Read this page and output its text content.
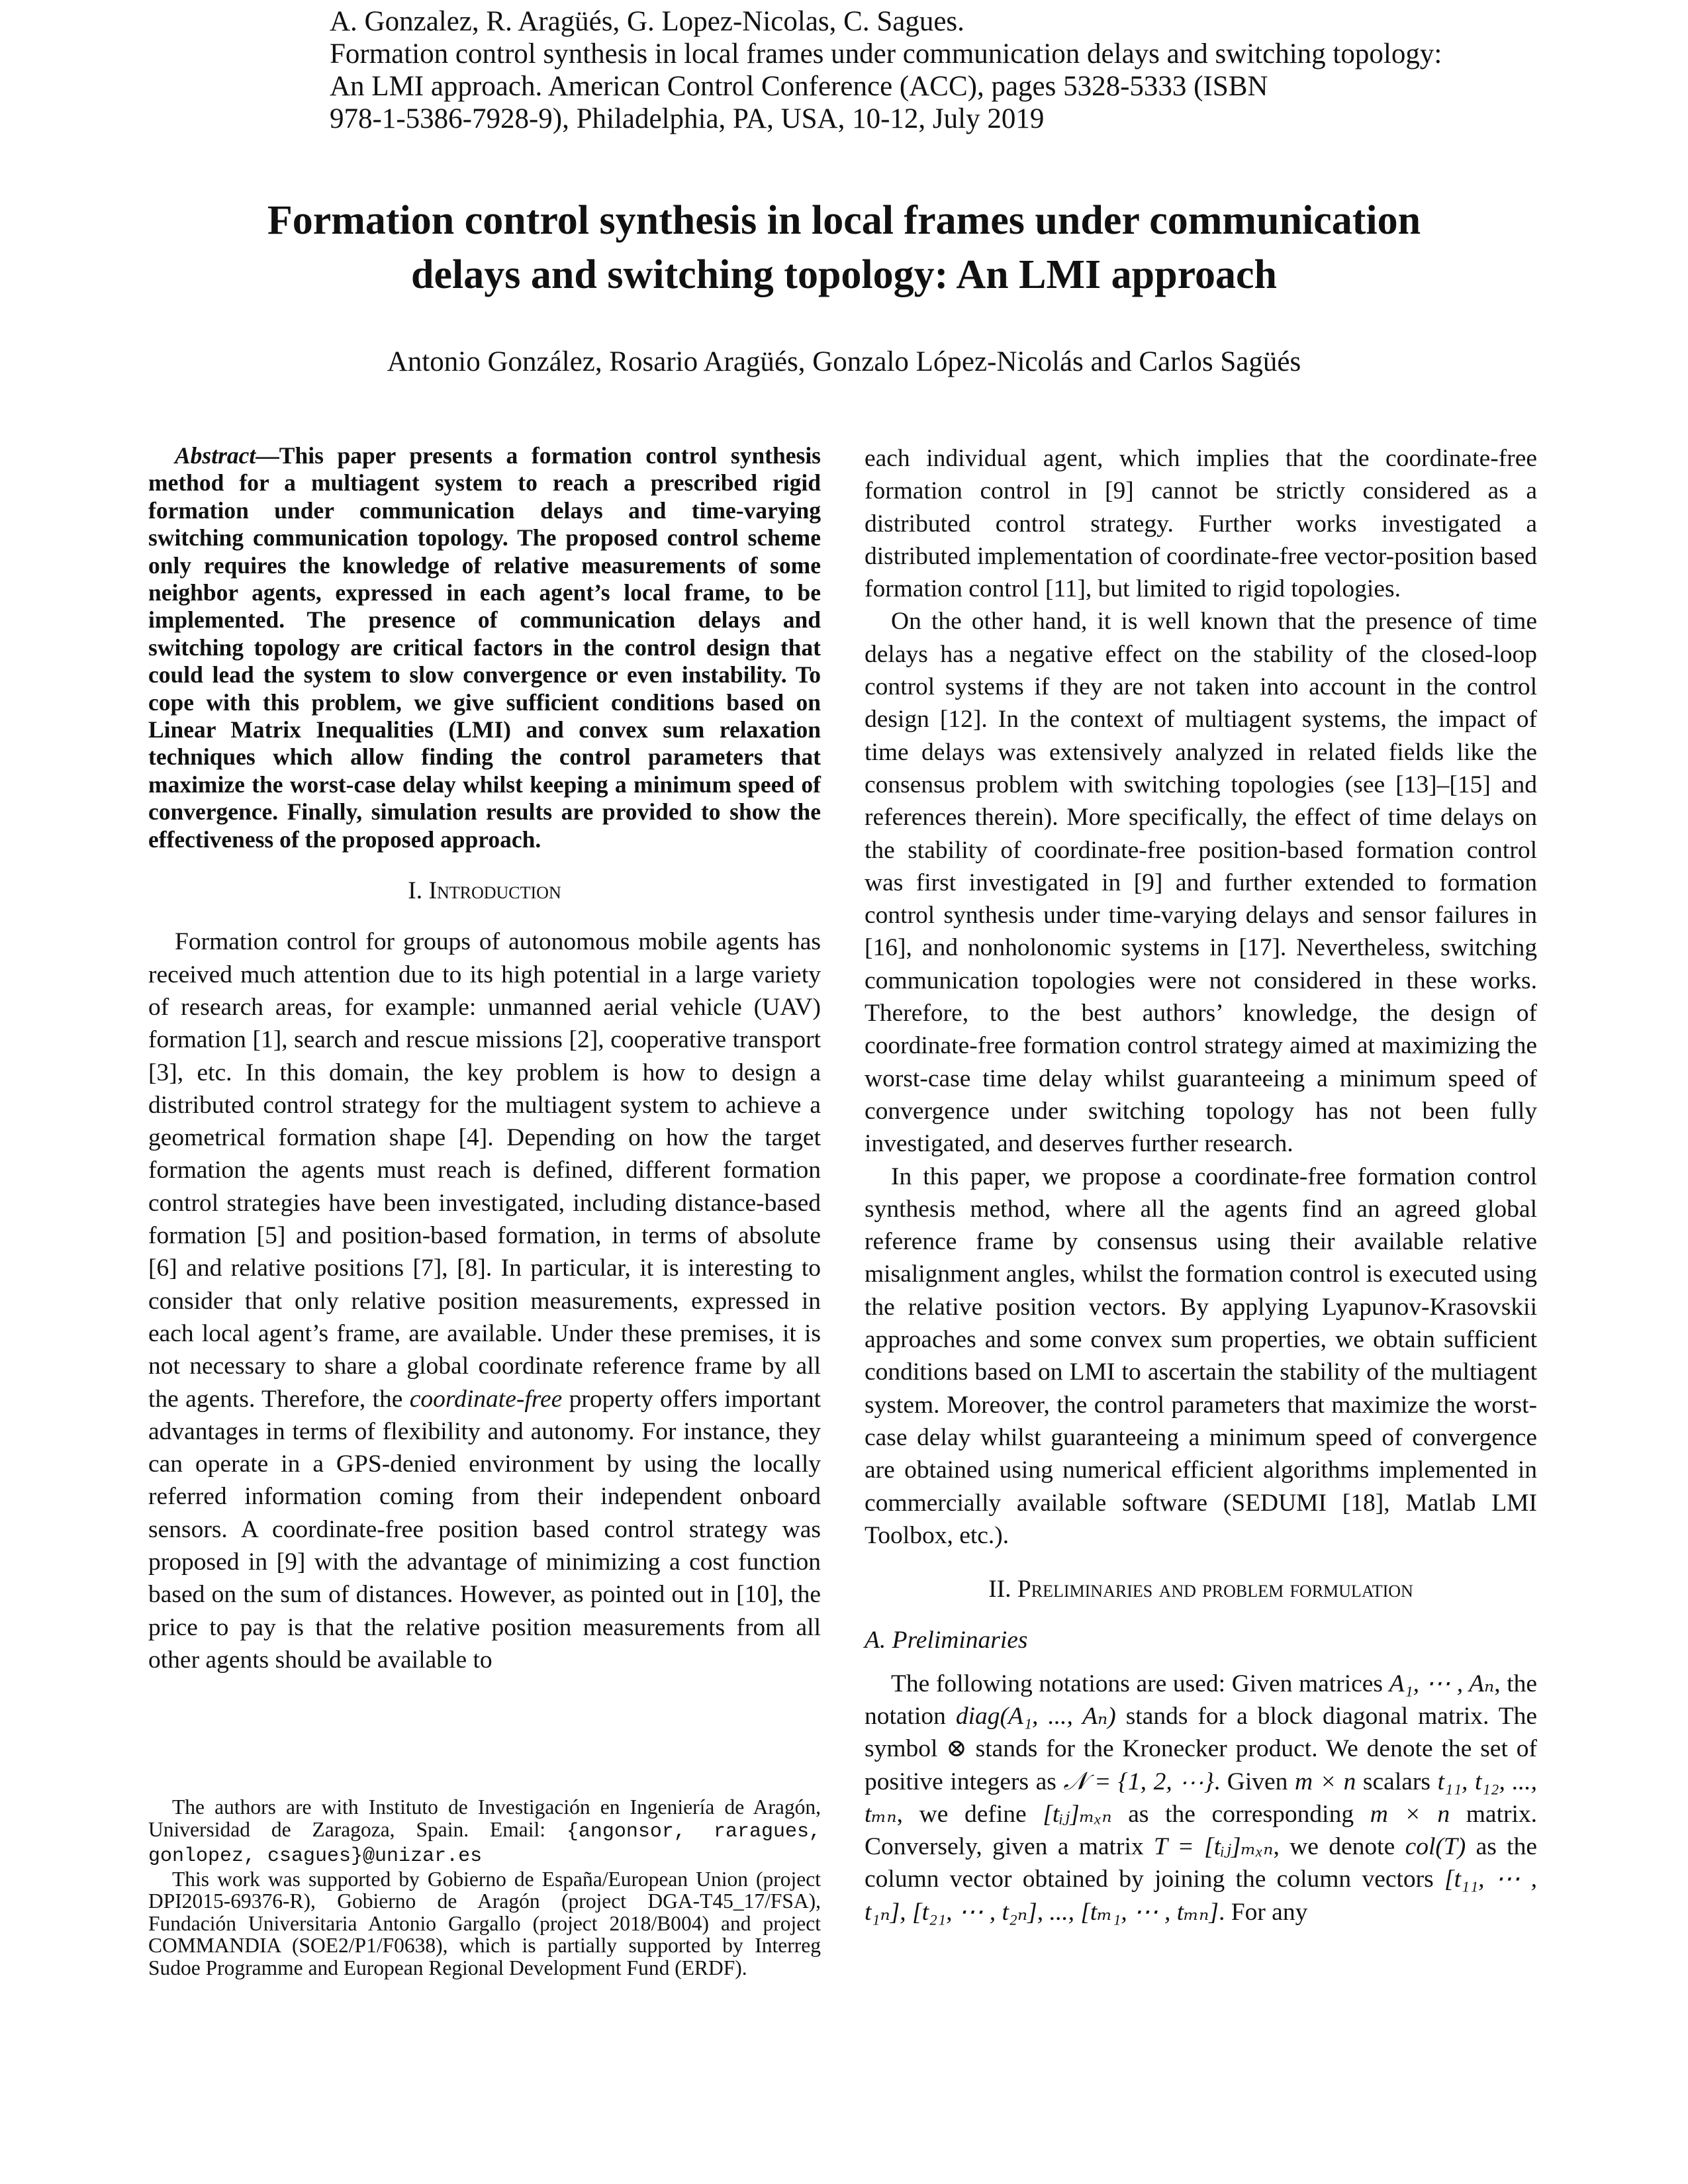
A. Gonzalez, R. Aragüés, G. Lopez-Nicolas, C. Sagues.
Formation control synthesis in local frames under communication delays and switching topology:
An LMI approach. American Control Conference (ACC), pages 5328-5333 (ISBN
978-1-5386-7928-9), Philadelphia, PA, USA, 10-12, July 2019
Formation control synthesis in local frames under communication
delays and switching topology: An LMI approach
Antonio González, Rosario Aragüés, Gonzalo López-Nicolás and Carlos Sagüés

Abstract—This paper presents a formation control synthesis method for a multiagent system to reach a prescribed rigid formation under communication delays and time-varying switching communication topology. The proposed control scheme only requires the knowledge of relative measurements of some neighbor agents, expressed in each agent’s local frame, to be implemented. The presence of communication delays and switching topology are critical factors in the control design that could lead the system to slow convergence or even instability. To cope with this problem, we give sufficient conditions based on Linear Matrix Inequalities (LMI) and convex sum relaxation techniques which allow finding the control parameters that maximize the worst-case delay whilst keeping a minimum speed of convergence. Finally, simulation results are provided to show the effectiveness of the proposed approach.

I. Introduction

Formation control for groups of autonomous mobile agents has received much attention due to its high potential in a large variety of research areas, for example: unmanned aerial vehicle (UAV) formation [1], search and rescue missions [2], cooperative transport [3], etc. In this domain, the key problem is how to design a distributed control strategy for the multiagent system to achieve a geometrical formation shape [4]. Depending on how the target formation the agents must reach is defined, different formation control strategies have been investigated, including distance-based formation [5] and position-based formation, in terms of absolute [6] and relative positions [7], [8]. In particular, it is interesting to consider that only relative position measurements, expressed in each local agent’s frame, are available. Under these premises, it is not necessary to share a global coordinate reference frame by all the agents. Therefore, the coordinate-free property offers important advantages in terms of flexibility and autonomy. For instance, they can operate in a GPS-denied environment by using the locally referred information coming from their independent onboard sensors. A coordinate-free position based control strategy was proposed in [9] with the advantage of minimizing a cost function based on the sum of distances. However, as pointed out in [10], the price to pay is that the relative position measurements from all other agents should be available to

The authors are with Instituto de Investigación en Ingeniería de Aragón, Universidad de Zaragoza, Spain. Email: {angonsor, raragues, gonlopez, csagues}@unizar.es

This work was supported by Gobierno de España/European Union (project DPI2015-69376-R), Gobierno de Aragón (project DGA-T45_17/FSA), Fundación Universitaria Antonio Gargallo (project 2018/B004) and project COMMANDIA (SOE2/P1/F0638), which is partially supported by Interreg Sudoe Programme and European Regional Development Fund (ERDF).

each individual agent, which implies that the coordinate-free formation control in [9] cannot be strictly considered as a distributed control strategy. Further works investigated a distributed implementation of coordinate-free vector-position based formation control [11], but limited to rigid topologies.

On the other hand, it is well known that the presence of time delays has a negative effect on the stability of the closed-loop control systems if they are not taken into account in the control design [12]. In the context of multiagent systems, the impact of time delays was extensively analyzed in related fields like the consensus problem with switching topologies (see [13]–[15] and references therein). More specifically, the effect of time delays on the stability of coordinate-free position-based formation control was first investigated in [9] and further extended to formation control synthesis under time-varying delays and sensor failures in [16], and nonholonomic systems in [17]. Nevertheless, switching communication topologies were not considered in these works. Therefore, to the best authors’ knowledge, the design of coordinate-free formation control strategy aimed at maximizing the worst-case time delay whilst guaranteeing a minimum speed of convergence under switching topology has not been fully investigated, and deserves further research.

In this paper, we propose a coordinate-free formation control synthesis method, where all the agents find an agreed global reference frame by consensus using their available relative misalignment angles, whilst the formation control is executed using the relative position vectors. By applying Lyapunov-Krasovskii approaches and some convex sum properties, we obtain sufficient conditions based on LMI to ascertain the stability of the multiagent system. Moreover, the control parameters that maximize the worst-case delay whilst guaranteeing a minimum speed of convergence are obtained using numerical efficient algorithms implemented in commercially available software (SEDUMI [18], Matlab LMI Toolbox, etc.).

II. Preliminaries and problem formulation
A. Preliminaries

The following notations are used: Given matrices A₁, ⋯ , Aₙ, the notation diag(A₁, ..., Aₙ) stands for a block diagonal matrix. The symbol ⊗ stands for the Kronecker product. We denote the set of positive integers as 𝒩 = {1, 2, ⋯}. Given m × n scalars t₁₁, t₁₂, ..., tₘₙ, we define [tᵢⱼ]ₘₓₙ as the corresponding m × n matrix. Conversely, given a matrix T = [tᵢⱼ]ₘₓₙ, we denote col(T) as the column vector obtained by joining the column vectors [t₁₁, ⋯ , t₁ₙ], [t₂₁, ⋯ , t₂ₙ], ..., [tₘ₁, ⋯ , tₘₙ]. For any
